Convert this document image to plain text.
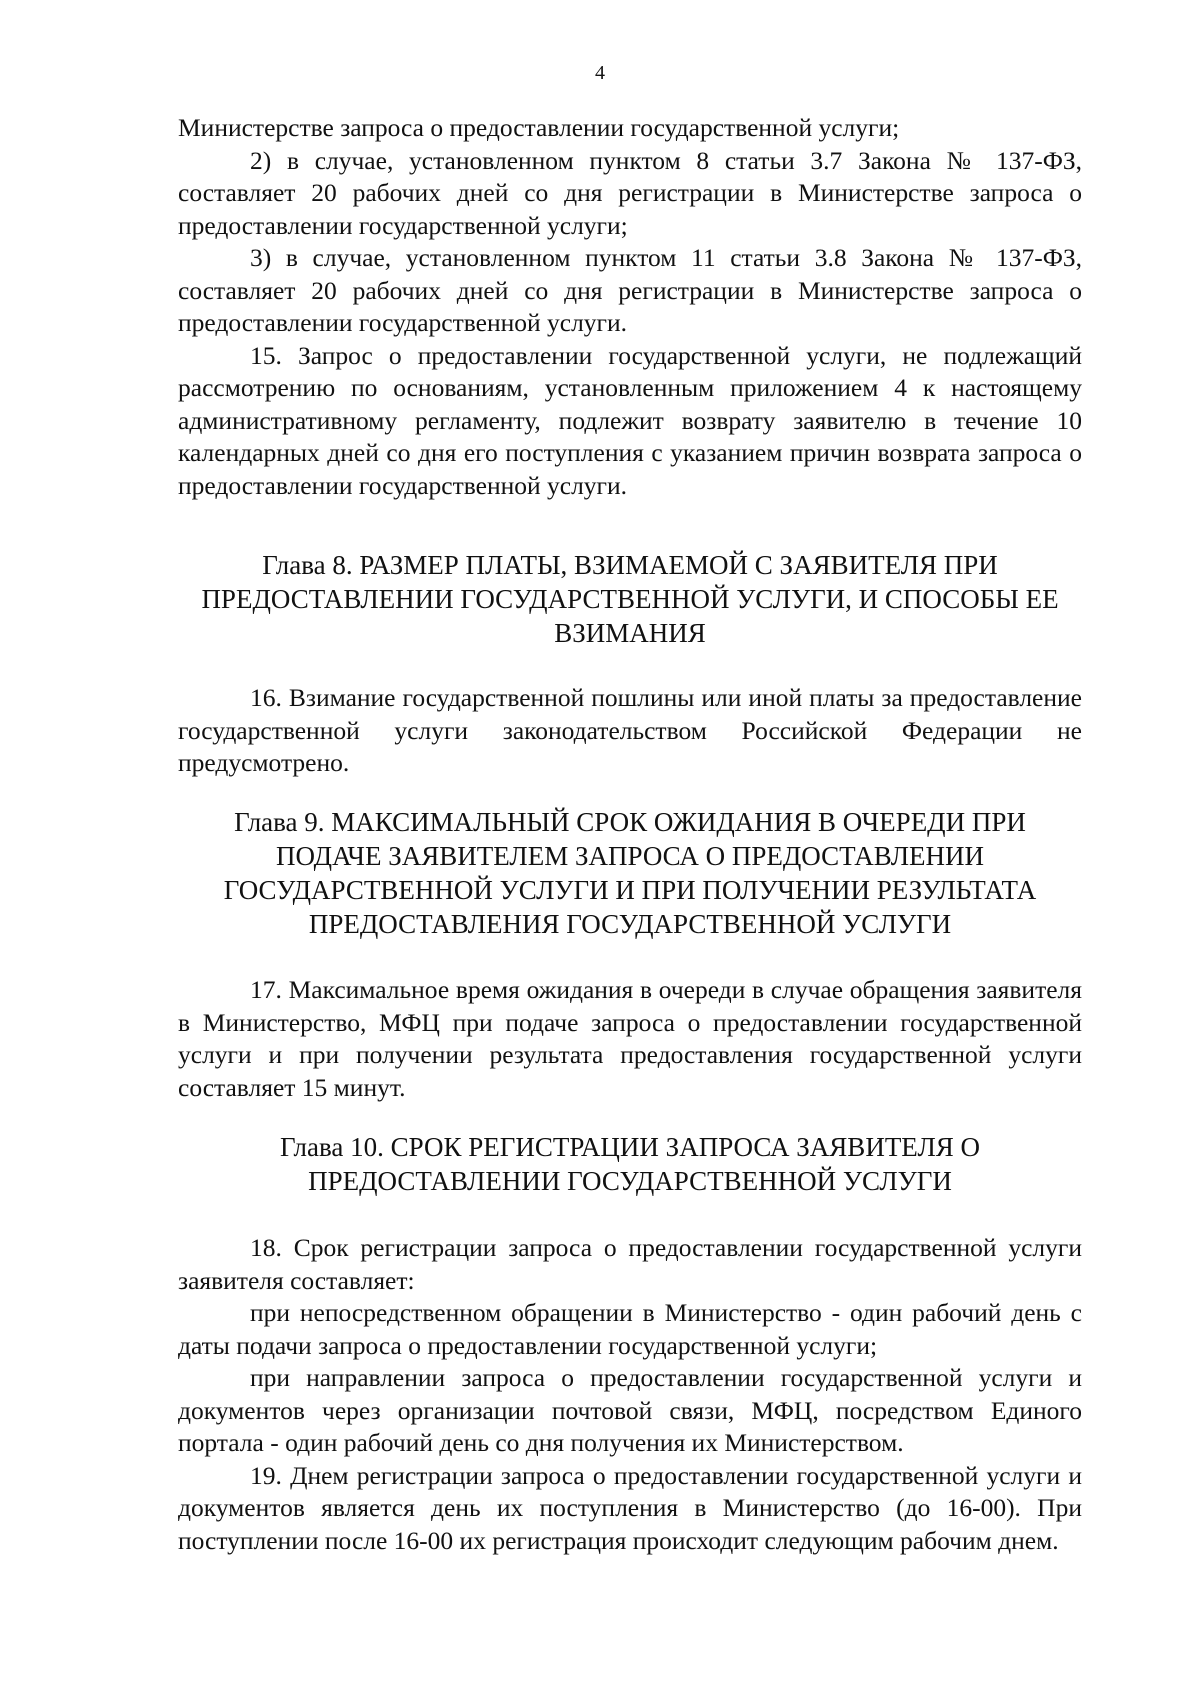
4

Министерстве запроса о предоставлении государственной услуги;

2) в случае, установленном пунктом 8 статьи 3.7 Закона № 137-ФЗ, составляет 20 рабочих дней со дня регистрации в Министерстве запроса о предоставлении государственной услуги;

3) в случае, установленном пунктом 11 статьи 3.8 Закона № 137-ФЗ, составляет 20 рабочих дней со дня регистрации в Министерстве запроса о предоставлении государственной услуги.

15. Запрос о предоставлении государственной услуги, не подлежащий рассмотрению по основаниям, установленным приложением 4 к настоящему административному регламенту, подлежит возврату заявителю в течение 10 календарных дней со дня его поступления с указанием причин возврата запроса о предоставлении государственной услуги.

Глава 8. РАЗМЕР ПЛАТЫ, ВЗИМАЕМОЙ С ЗАЯВИТЕЛЯ ПРИ
ПРЕДОСТАВЛЕНИИ ГОСУДАРСТВЕННОЙ УСЛУГИ, И СПОСОБЫ ЕЕ
ВЗИМАНИЯ

16. Взимание государственной пошлины или иной платы за предоставление государственной услуги законодательством Российской Федерации не предусмотрено.

Глава 9. МАКСИМАЛЬНЫЙ СРОК ОЖИДАНИЯ В ОЧЕРЕДИ ПРИ
ПОДАЧЕ ЗАЯВИТЕЛЕМ ЗАПРОСА О ПРЕДОСТАВЛЕНИИ
ГОСУДАРСТВЕННОЙ УСЛУГИ И ПРИ ПОЛУЧЕНИИ РЕЗУЛЬТАТА
ПРЕДОСТАВЛЕНИЯ ГОСУДАРСТВЕННОЙ УСЛУГИ

17. Максимальное время ожидания в очереди в случае обращения заявителя в Министерство, МФЦ при подаче запроса о предоставлении государственной услуги и при получении результата предоставления государственной услуги составляет 15 минут.

Глава 10. СРОК РЕГИСТРАЦИИ ЗАПРОСА ЗАЯВИТЕЛЯ О
ПРЕДОСТАВЛЕНИИ ГОСУДАРСТВЕННОЙ УСЛУГИ

18. Срок регистрации запроса о предоставлении государственной услуги заявителя составляет:

при непосредственном обращении в Министерство - один рабочий день с даты подачи запроса о предоставлении государственной услуги;

при направлении запроса о предоставлении государственной услуги и документов через организации почтовой связи, МФЦ, посредством Единого портала - один рабочий день со дня получения их Министерством.

19. Днем регистрации запроса о предоставлении государственной услуги и документов является день их поступления в Министерство (до 16-00). При поступлении после 16-00 их регистрация происходит следующим рабочим днем.
